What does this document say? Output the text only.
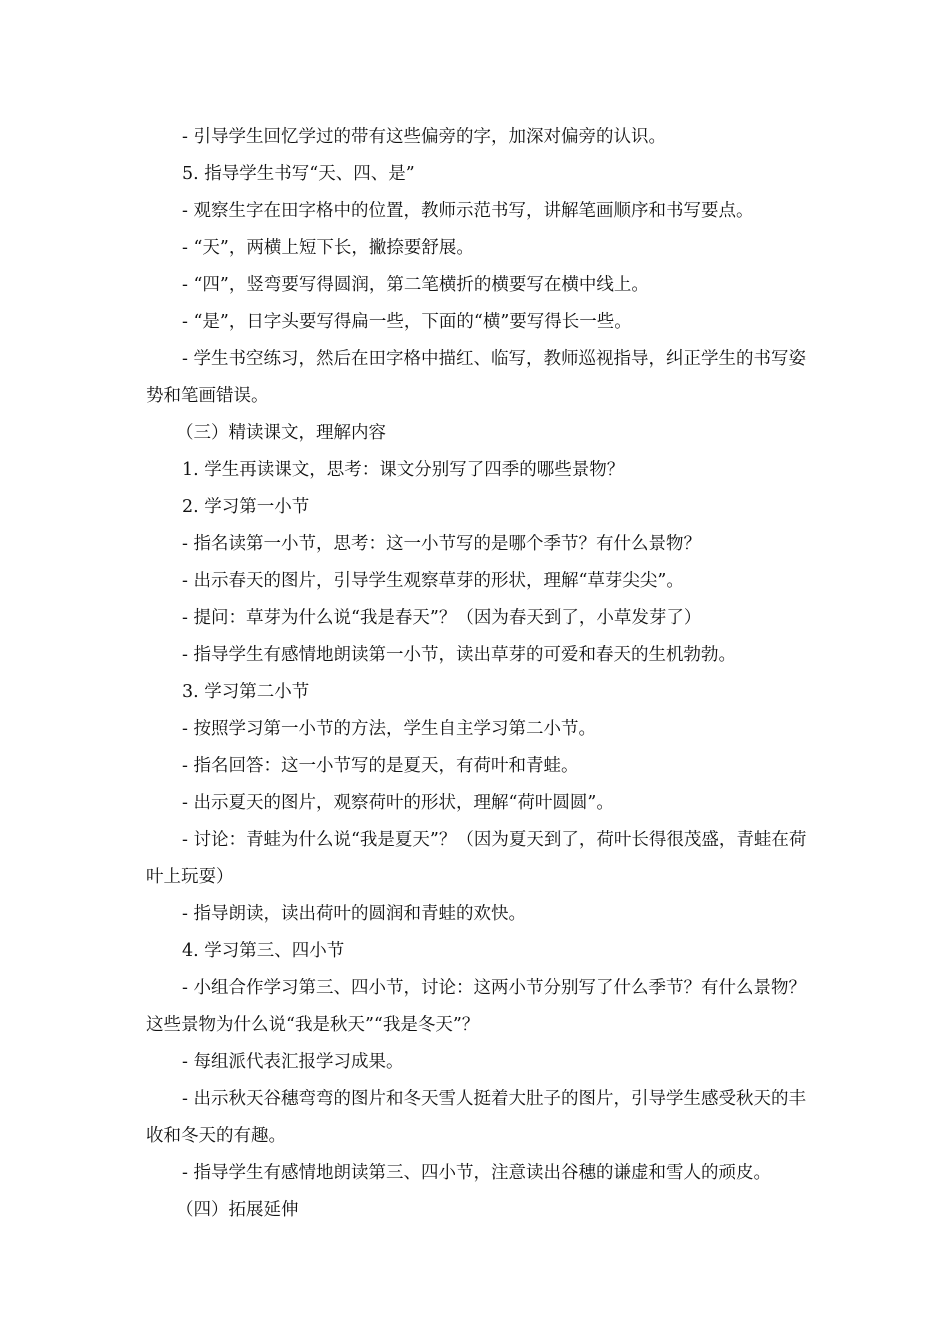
- 引导学生回忆学过的带有这些偏旁的字，加深对偏旁的认识。

5. 指导学生书写“天、四、是”

- 观察生字在田字格中的位置，教师示范书写，讲解笔画顺序和书写要点。

- “天”，两横上短下长，撇捺要舒展。

- “四”，竖弯要写得圆润，第二笔横折的横要写在横中线上。

- “是”，日字头要写得扁一些，下面的“横”要写得长一些。

- 学生书空练习，然后在田字格中描红、临写，教师巡视指导，纠正学生的书写姿势和笔画错误。

（三）精读课文，理解内容

1. 学生再读课文，思考：课文分别写了四季的哪些景物？

2. 学习第一小节

- 指名读第一小节，思考：这一小节写的是哪个季节？有什么景物？

- 出示春天的图片，引导学生观察草芽的形状，理解“草芽尖尖”。

- 提问：草芽为什么说“我是春天”？（因为春天到了，小草发芽了）

- 指导学生有感情地朗读第一小节，读出草芽的可爱和春天的生机勃勃。

3. 学习第二小节

- 按照学习第一小节的方法，学生自主学习第二小节。

- 指名回答：这一小节写的是夏天，有荷叶和青蛙。

- 出示夏天的图片，观察荷叶的形状，理解“荷叶圆圆”。

- 讨论：青蛙为什么说“我是夏天”？（因为夏天到了，荷叶长得很茂盛，青蛙在荷叶上玩耍）

- 指导朗读，读出荷叶的圆润和青蛙的欢快。

4. 学习第三、四小节

- 小组合作学习第三、四小节，讨论：这两小节分别写了什么季节？有什么景物？这些景物为什么说“我是秋天”“我是冬天”？

- 每组派代表汇报学习成果。

- 出示秋天谷穗弯弯的图片和冬天雪人挺着大肚子的图片，引导学生感受秋天的丰收和冬天的有趣。

- 指导学生有感情地朗读第三、四小节，注意读出谷穗的谦虚和雪人的顽皮。

（四）拓展延伸
